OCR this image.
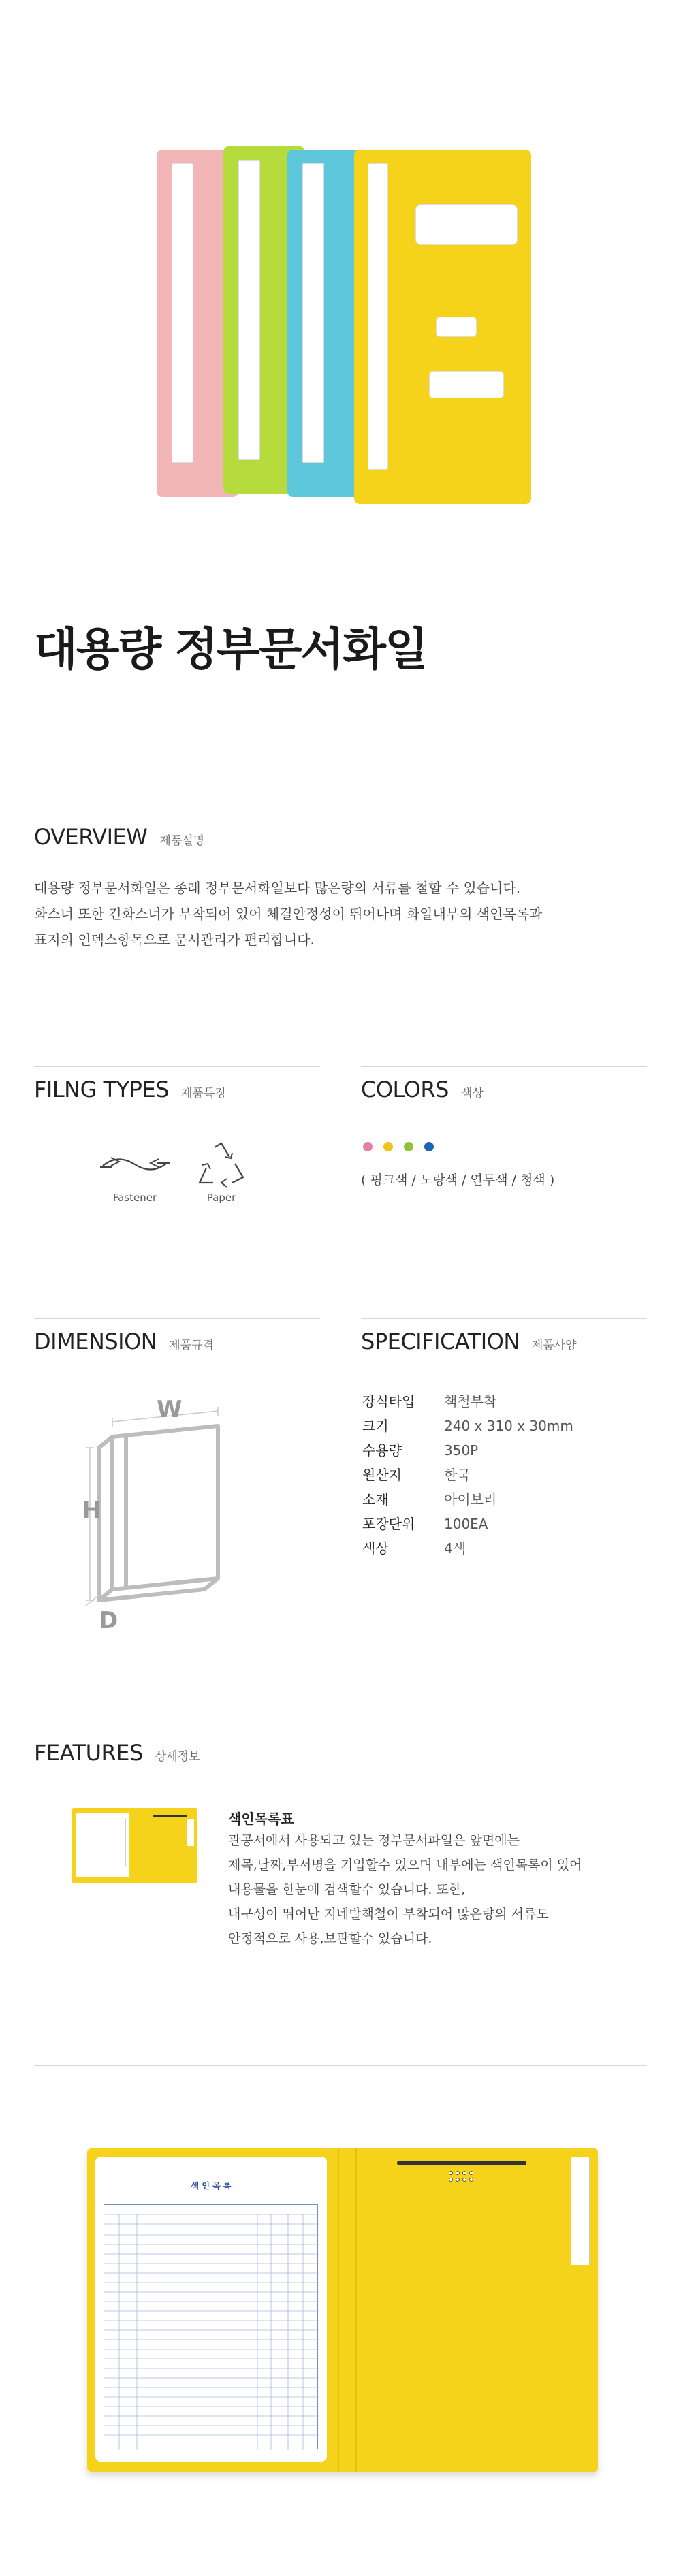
대용량 정부문서화일
OVERVIEW 제품설명
대용량 정부문서화일은 종래 정부문서화일보다 많은량의 서류를 철할 수 있습니다.
화스너 또한 긴화스너가 부착되어 있어 체결안정성이 뛰어나며 화일내부의 색인목록과
표지의 인덱스항목으로 문서관리가 편리합니다.
FILNG TYPES 제품특징
Fastener	Paper
COLORS 색상
( 핑크색 / 노랑색 / 연두색 / 청색 )
DIMENSION 제품규격
W
H
D
SPECIFICATION 제품사양
장식타입	책철부착
크기	240 x 310 x 30mm
수용량	350P
원산지	한국
소재	아이보리
포장단위	100EA
색상	4색
FEATURES 상세정보
색인목록표
관공서에서 사용되고 있는 정부문서파일은 앞면에는
제목,날짜,부서명을 기입할수 있으며 내부에는 색인목록이 있어
내용물을 한눈에 검색할수 있습니다. 또한,
내구성이 뛰어난 지네발책철이 부착되어 많은량의 서류도
안정적으로 사용,보관할수 있습니다.
색 인 목 록
